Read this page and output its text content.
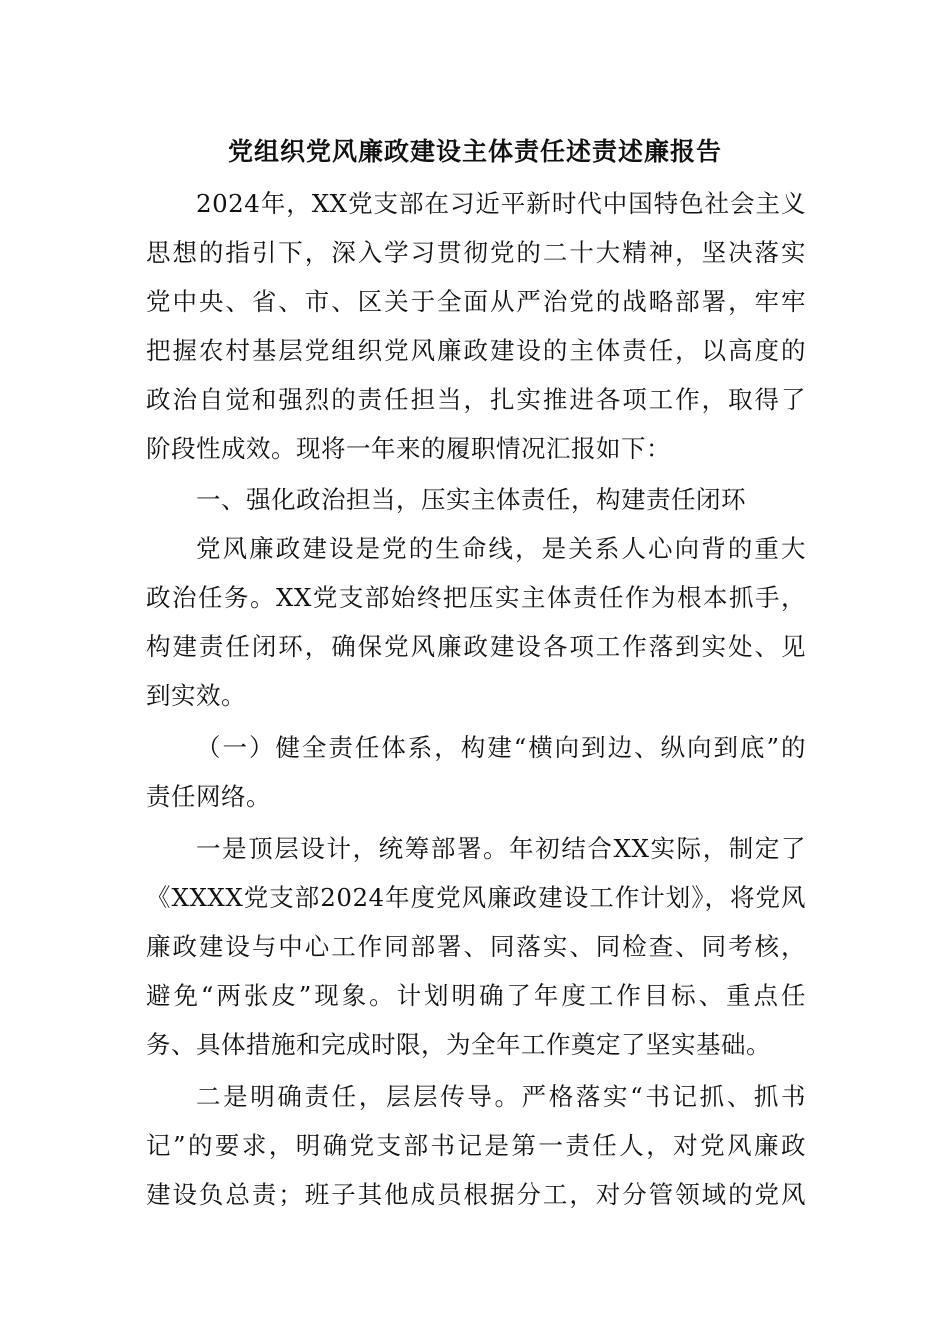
党组织党风廉政建设主体责任述责述廉报告
2024年，XX党支部在习近平新时代中国特色社会主义
思想的指引下，深入学习贯彻党的二十大精神，坚决落实
党中央、省、市、区关于全面从严治党的战略部署，牢牢
把握农村基层党组织党风廉政建设的主体责任，以高度的
政治自觉和强烈的责任担当，扎实推进各项工作，取得了
阶段性成效。现将一年来的履职情况汇报如下：
一、强化政治担当，压实主体责任，构建责任闭环
党风廉政建设是党的生命线，是关系人心向背的重大
政治任务。XX党支部始终把压实主体责任作为根本抓手，
构建责任闭环，确保党风廉政建设各项工作落到实处、见
到实效。
（一）健全责任体系，构建“横向到边、纵向到底”的
责任网络。
一是顶层设计，统筹部署。年初结合XX实际，制定了
《XXXX党支部2024年度党风廉政建设工作计划》，将党风
廉政建设与中心工作同部署、同落实、同检查、同考核，
避免“两张皮”现象。计划明确了年度工作目标、重点任
务、具体措施和完成时限，为全年工作奠定了坚实基础。
二是明确责任，层层传导。严格落实“书记抓、抓书
记”的要求，明确党支部书记是第一责任人，对党风廉政
建设负总责；班子其他成员根据分工，对分管领域的党风
